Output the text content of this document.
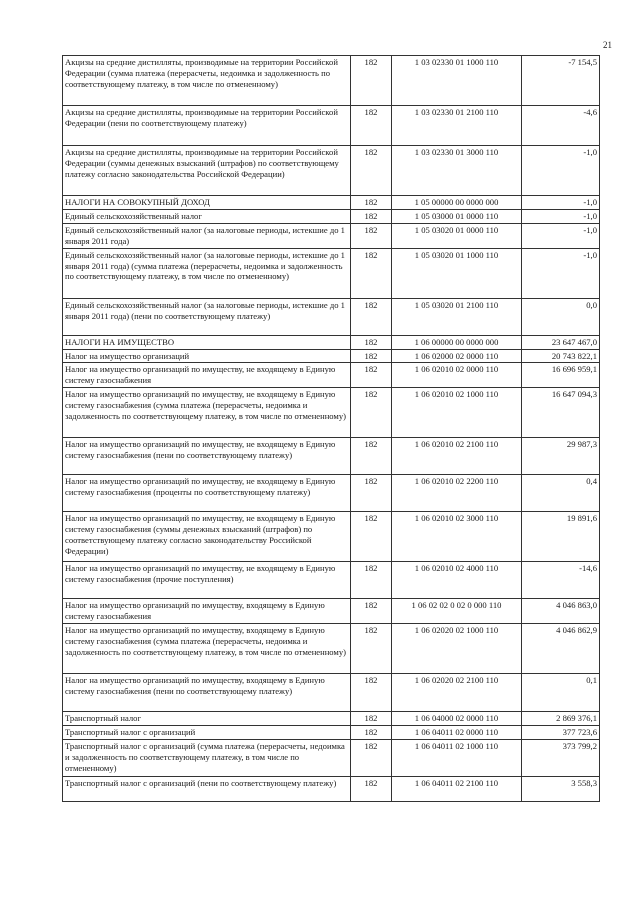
21
Акцизы на средние дистилляты, производимые на территории Российской Федерации (сумма платежа (перерасчеты, недоимка и задолженность по соответствующему платежу, в том числе по отмененному)	182	1 03 02330 01 1000 110	-7 154,5
Акцизы на средние дистилляты, производимые на территории Российской Федерации (пени по соответствующему платежу)	182	1 03 02330 01 2100 110	-4,6
Акцизы на средние дистилляты, производимые на территории Российской Федерации (суммы денежных взысканий (штрафов) по соответствующему платежу согласно законодательства Российской Федерации)	182	1 03 02330 01 3000 110	-1,0
НАЛОГИ НА СОВОКУПНЫЙ ДОХОД	182	1 05 00000 00 0000 000	-1,0
Единый сельскохозяйственный налог	182	1 05 03000 01 0000 110	-1,0
Единый сельскохозяйственный налог (за налоговые периоды, истекшие до 1 января 2011 года)	182	1 05 03020 01 0000 110	-1,0
Единый сельскохозяйственный налог (за налоговые периоды, истекшие до 1 января 2011 года) (сумма платежа (перерасчеты, недоимка и задолженность по соответствующему платежу, в том числе по отмененному)	182	1 05 03020 01 1000 110	-1,0
Единый сельскохозяйственный налог (за налоговые периоды, истекшие до 1 января 2011 года) (пени по соответствующему платежу)	182	1 05 03020 01 2100 110	0,0
НАЛОГИ НА ИМУЩЕСТВО	182	1 06 00000 00 0000 000	23 647 467,0
Налог на имущество организаций	182	1 06 02000 02 0000 110	20 743 822,1
Налог на имущество организаций по имуществу, не входящему в Единую систему газоснабжения	182	1 06 02010 02 0000 110	16 696 959,1
Налог на имущество организаций по имуществу, не входящему в Единую систему газоснабжения (сумма платежа (перерасчеты, недоимка и задолженность по соответствующему платежу, в том числе по отмененному)	182	1 06 02010 02 1000 110	16 647 094,3
Налог на имущество организаций по имуществу, не входящему в Единую систему газоснабжения (пени по соответствующему платежу)	182	1 06 02010 02 2100 110	29 987,3
Налог на имущество организаций по имуществу, не входящему в Единую систему газоснабжения (проценты по соответствующему платежу)	182	1 06 02010 02 2200 110	0,4
Налог на имущество организаций по имуществу, не входящему в Единую систему газоснабжения (суммы денежных взысканий (штрафов) по соответствующему платежу согласно законодательству Российской Федерации)	182	1 06 02010 02 3000 110	19 891,6
Налог на имущество организаций по имуществу, не входящему в Единую систему газоснабжения (прочие поступления)	182	1 06 02010 02 4000 110	-14,6
Налог на имущество организаций по имуществу, входящему в Единую систему газоснабжения	182	1 06 02 02 0 02 0 000 110	4 046 863,0
Налог на имущество организаций по имуществу, входящему в Единую систему газоснабжения (сумма платежа (перерасчеты, недоимка и задолженность по соответствующему платежу, в том числе по отмененному)	182	1 06 02020 02 1000 110	4 046 862,9
Налог на имущество организаций по имуществу, входящему в Единую систему газоснабжения (пени по соответствующему платежу)	182	1 06 02020 02 2100 110	0,1
Транспортный налог	182	1 06 04000 02 0000 110	2 869 376,1
Транспортный налог с организаций	182	1 06 04011 02 0000 110	377 723,6
Транспортный налог с организаций (сумма платежа (перерасчеты, недоимка и задолженность по соответствующему платежу, в том числе по отмененному)	182	1 06 04011 02 1000 110	373 799,2
Транспортный налог с организаций (пени по соответствующему платежу)	182	1 06 04011 02 2100 110	3 558,3
